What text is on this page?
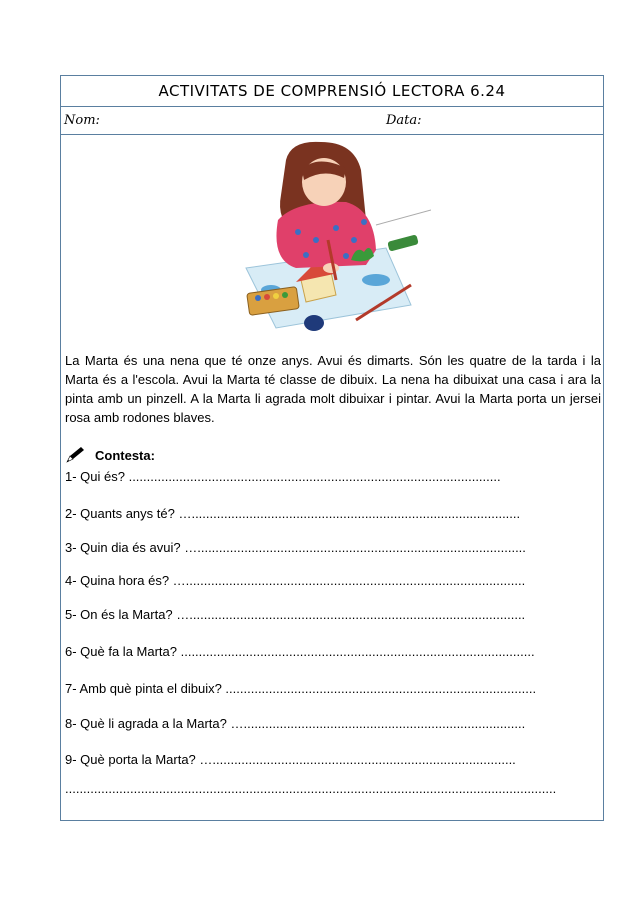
ACTIVITATS DE COMPRENSIÓ LECTORA 6.24
Nom:	Data:
La Marta és una nena que té onze anys. Avui és dimarts. Són les quatre de la tarda i la Marta és a l'escola. Avui la Marta té classe de dibuix. La nena ha dibuixat una casa i ara la pinta amb un pinzell. A la Marta li agrada molt dibuixar i pintar. Avui la Marta porta un jersei rosa amb rodones blaves.
Contesta:
1- Qui és? .......................................................................................................
2- Quants anys té? …...........................................................................................
3- Quin dia és avui? …...........................................................................................
4- Quina hora és? …..............................................................................................
5- On és la Marta? ….............................................................................................
6- Què fa la Marta? ..................................................................................................
7- Amb què pinta el dibuix? ......................................................................................
8- Què li agrada a la Marta? …..............................................................................
9- Què porta la Marta? …....................................................................................
........................................................................................................................................
